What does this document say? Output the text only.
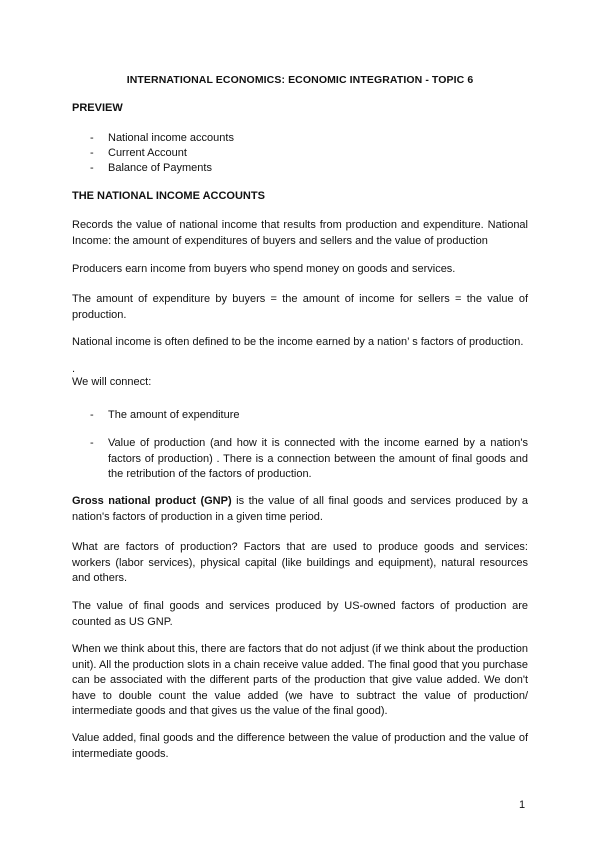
INTERNATIONAL ECONOMICS: ECONOMIC INTEGRATION - TOPIC 6
PREVIEW
-	National income accounts
-	Current Account
-	Balance of Payments
THE NATIONAL INCOME ACCOUNTS
Records the value of national income that results from production and expenditure. National Income: the amount of expenditures of buyers and sellers and the value of production
Producers earn income from buyers who spend money on goods and services.
The amount of expenditure by buyers = the amount of income for sellers = the value of production.
National income is often defined to be the income earned by a nation’ s factors of production.
.
We will connect:
-	The amount of expenditure
-	Value of production (and how it is connected with the income earned by a nation's factors of production) . There is a connection between the amount of final goods and the retribution of the factors of production.
Gross national product (GNP) is the value of all final goods and services produced by a nation's factors of production in a given time period.
What are factors of production? Factors that are used to produce goods and services: workers (labor services), physical capital (like buildings and equipment), natural resources and others.
The value of final goods and services produced by US-owned factors of production are counted as US GNP.
When we think about this, there are factors that do not adjust (if we think about the production unit). All the production slots in a chain receive value added. The final good that you purchase can be associated with the different parts of the production that give value added. We don't have to double count the value added (we have to subtract the value of production/ intermediate goods and that gives us the value of the final good).
Value added, final goods and the difference between the value of production and the value of intermediate goods.
1
